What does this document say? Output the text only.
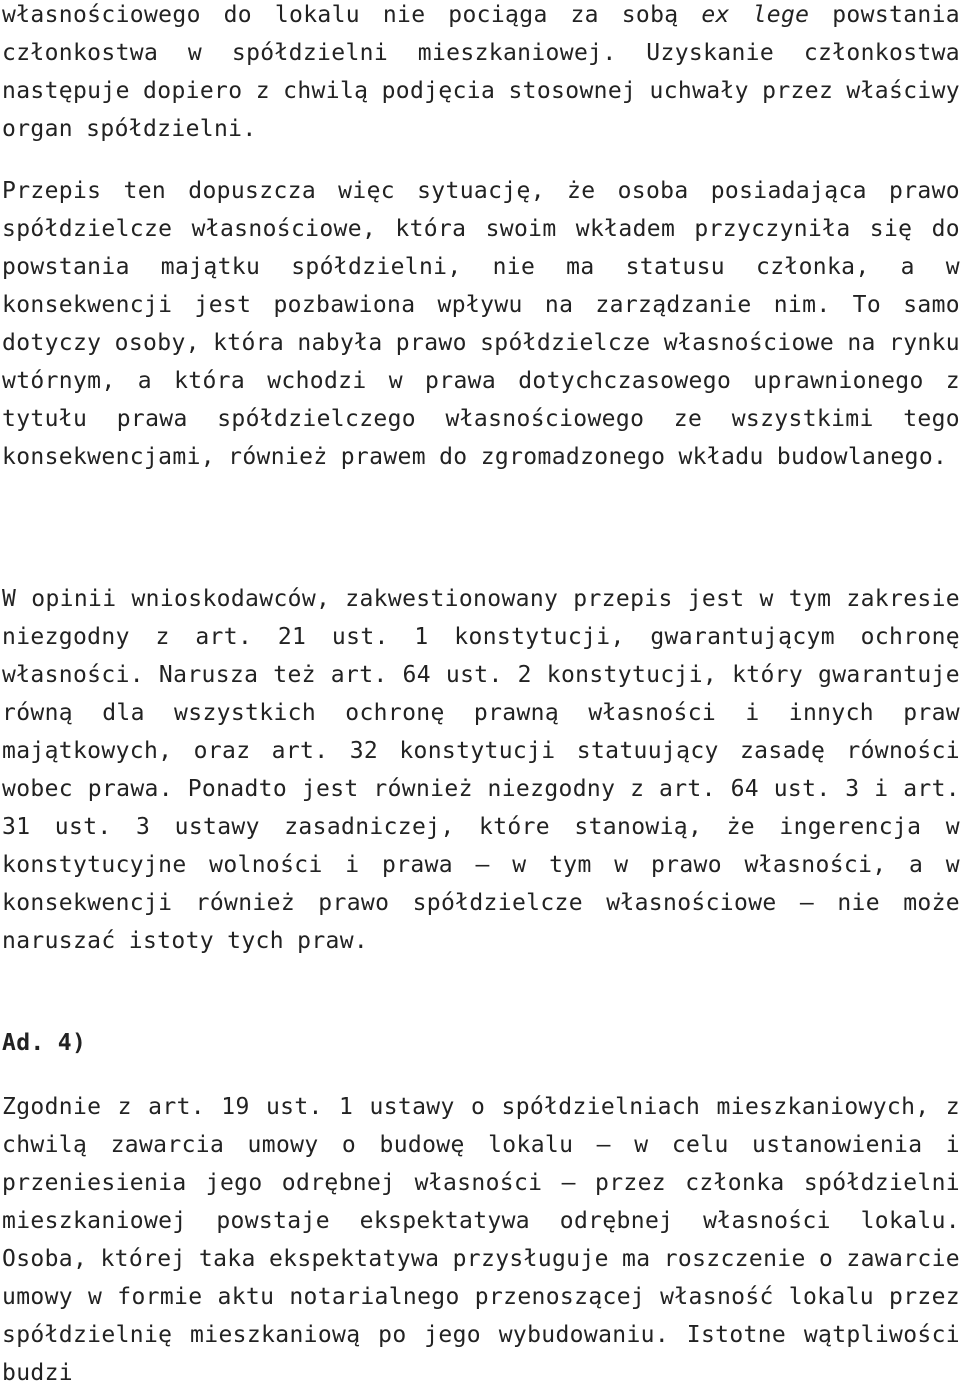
własnościowego do lokalu nie pociąga za sobą ex lege powstania członkostwa w spółdzielni mieszkaniowej. Uzyskanie członkostwa następuje dopiero z chwilą podjęcia stosownej uchwały przez właściwy organ spółdzielni.

Przepis ten dopuszcza więc sytuację, że osoba posiadająca prawo spółdzielcze własnościowe, która swoim wkładem przyczyniła się do powstania majątku spółdzielni, nie ma statusu członka, a w konsekwencji jest pozbawiona wpływu na zarządzanie nim. To samo dotyczy osoby, która nabyła prawo spółdzielcze własnościowe na rynku wtórnym, a która wchodzi w prawa dotychczasowego uprawnionego z tytułu prawa spółdzielczego własnościowego ze wszystkimi tego konsekwencjami, również prawem do zgromadzonego wkładu budowlanego.

W opinii wnioskodawców, zakwestionowany przepis jest w tym zakresie niezgodny z art. 21 ust. 1 konstytucji, gwarantującym ochronę własności. Narusza też art. 64 ust. 2 konstytucji, który gwarantuje równą dla wszystkich ochronę prawną własności i innych praw majątkowych, oraz art. 32 konstytucji statuujący zasadę równości wobec prawa. Ponadto jest również niezgodny z art. 64 ust. 3 i art. 31 ust. 3 ustawy zasadniczej, które stanowią, że ingerencja w konstytucyjne wolności i prawa — w tym w prawo własności, a w konsekwencji również prawo spółdzielcze własnościowe — nie może naruszać istoty tych praw.

Ad. 4)

Zgodnie z art. 19 ust. 1 ustawy o spółdzielniach mieszkaniowych, z chwilą zawarcia umowy o budowę lokalu — w celu ustanowienia i przeniesienia jego odrębnej własności — przez członka spółdzielni mieszkaniowej powstaje ekspektatywa odrębnej własności lokalu. Osoba, której taka ekspektatywa przysługuje ma roszczenie o zawarcie umowy w formie aktu notarialnego przenoszącej własność lokalu przez spółdzielnię mieszkaniową po jego wybudowaniu. Istotne wątpliwości budzi
